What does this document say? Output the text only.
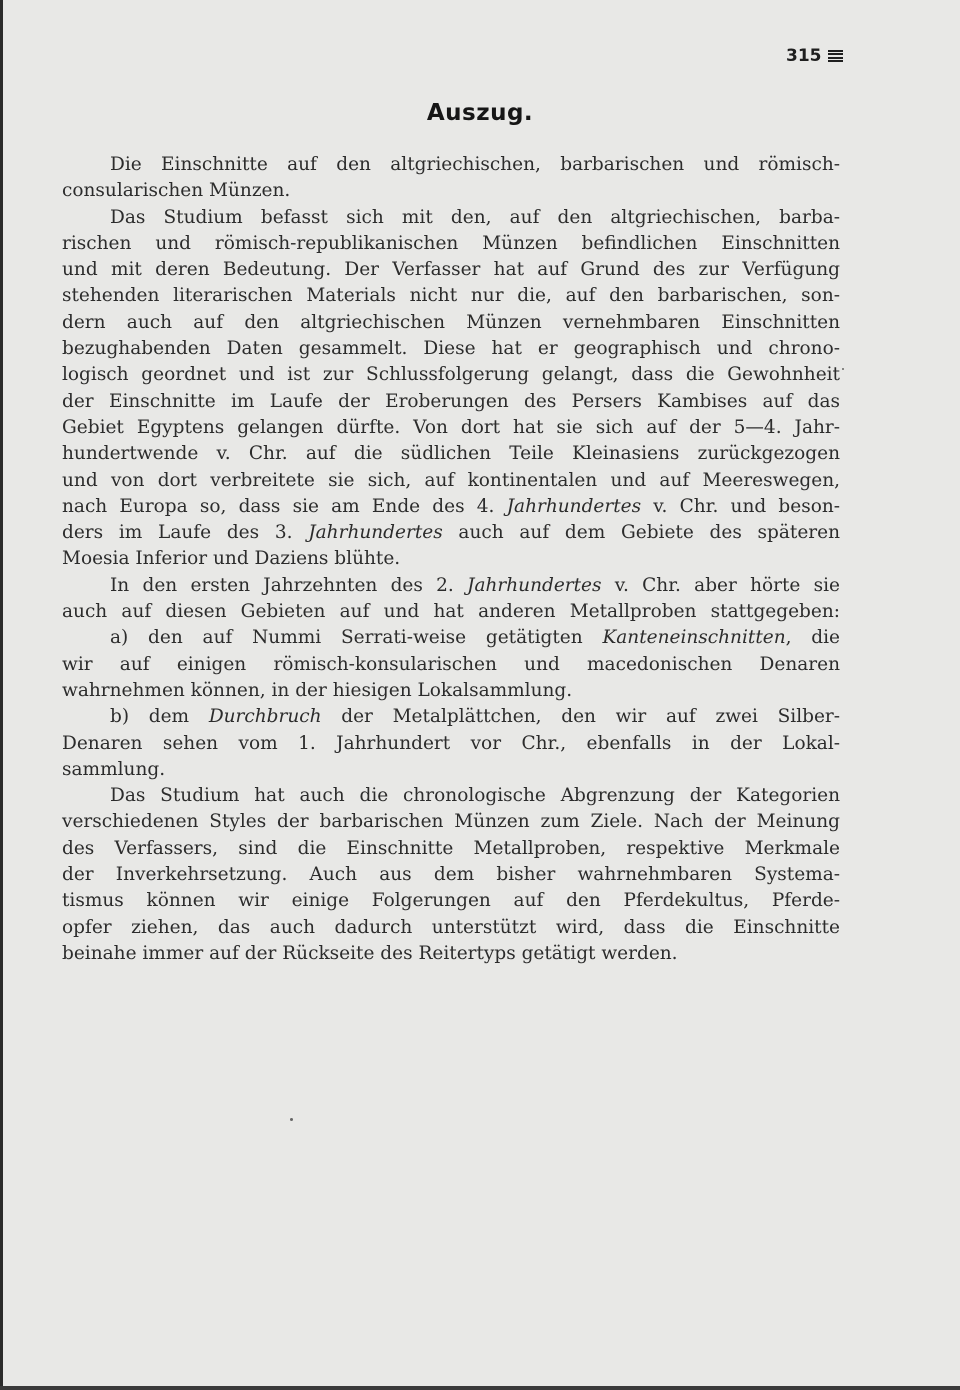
315
Auszug.
Die Einschnitte auf den altgriechischen, barbarischen und römisch-
consularischen Münzen.
Das Studium befasst sich mit den, auf den altgriechischen, barba-
rischen und römisch-republikanischen Münzen befindlichen Einschnitten
und mit deren Bedeutung. Der Verfasser hat auf Grund des zur Verfügung
stehenden literarischen Materials nicht nur die, auf den barbarischen, son-
dern auch auf den altgriechischen Münzen vernehmbaren Einschnitten
bezughabenden Daten gesammelt. Diese hat er geographisch und chrono-
logisch geordnet und ist zur Schlussfolgerung gelangt, dass die Gewohnheit
der Einschnitte im Laufe der Eroberungen des Persers Kambises auf das
Gebiet Egyptens gelangen dürfte. Von dort hat sie sich auf der 5—4. Jahr-
hundertwende v. Chr. auf die südlichen Teile Kleinasiens zurückgezogen
und von dort verbreitete sie sich, auf kontinentalen und auf Meereswegen,
nach Europa so, dass sie am Ende des 4. Jahrhundertes v. Chr. und beson-
ders im Laufe des 3. Jahrhundertes auch auf dem Gebiete des späteren
Moesia Inferior und Daziens blühte.
In den ersten Jahrzehnten des 2. Jahrhundertes v. Chr. aber hörte sie
auch auf diesen Gebieten auf und hat anderen Metallproben stattgegeben:
a) den auf Nummi Serrati-weise getätigten Kanteneinschnitten, die
wir auf einigen römisch-konsularischen und macedonischen Denaren
wahrnehmen können, in der hiesigen Lokalsammlung.
b) dem Durchbruch der Metalplättchen, den wir auf zwei Silber-
Denaren sehen vom 1. Jahrhundert vor Chr., ebenfalls in der Lokal-
sammlung.
Das Studium hat auch die chronologische Abgrenzung der Kategorien
verschiedenen Styles der barbarischen Münzen zum Ziele. Nach der Meinung
des Verfassers, sind die Einschnitte Metallproben, respektive Merkmale
der Inverkehrsetzung. Auch aus dem bisher wahrnehmbaren Systema-
tismus können wir einige Folgerungen auf den Pferdekultus, Pferde-
opfer ziehen, das auch dadurch unterstützt wird, dass die Einschnitte
beinahe immer auf der Rückseite des Reitertyps getätigt werden.
